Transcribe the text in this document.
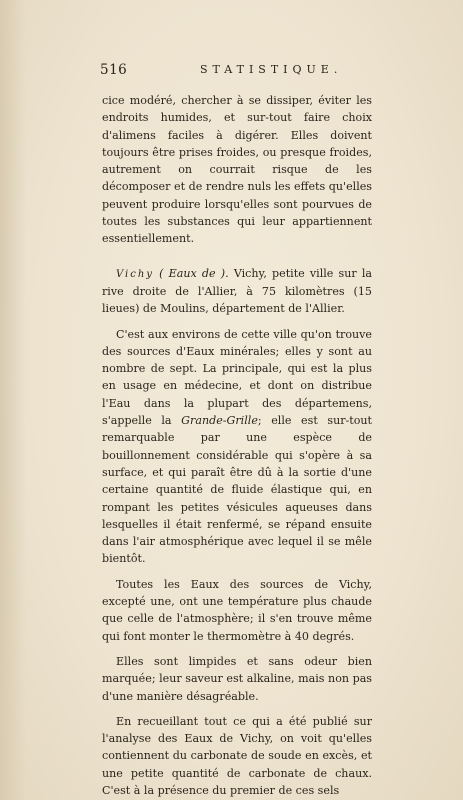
516	STATISTIQUE.

cice modéré, chercher à se dissiper, éviter les endroits humides, et sur-tout faire choix d'alimens faciles à digérer. Elles doivent toujours être prises froides, ou presque froides, autrement on courrait risque de les décomposer et de rendre nuls les effets qu'elles peuvent produire lorsqu'elles sont pourvues de toutes les substances qui leur appartiennent essentiellement.

Vichy ( Eaux de ). Vichy, petite ville sur la rive droite de l'Allier, à 75 kilomètres (15 lieues) de Moulins, département de l'Allier.

C'est aux environs de cette ville qu'on trouve des sources d'Eaux minérales; elles y sont au nombre de sept. La principale, qui est la plus en usage en médecine, et dont on distribue l'Eau dans la plupart des départemens, s'appelle la Grande-Grille; elle est sur-tout remarquable par une espèce de bouillonnement considérable qui s'opère à sa surface, et qui paraît être dû à la sortie d'une certaine quantité de fluide élastique qui, en rompant les petites vésicules aqueuses dans lesquelles il était renfermé, se répand ensuite dans l'air atmosphérique avec lequel il se mêle bientôt.

Toutes les Eaux des sources de Vichy, excepté une, ont une température plus chaude que celle de l'atmosphère; il s'en trouve même qui font monter le thermomètre à 40 degrés.

Elles sont limpides et sans odeur bien marquée; leur saveur est alkaline, mais non pas d'une manière désagréable.

En recueillant tout ce qui a été publié sur l'analyse des Eaux de Vichy, on voit qu'elles contiennent du carbonate de soude en excès, et une petite quantité de carbonate de chaux. C'est à la présence du premier de ces sels
